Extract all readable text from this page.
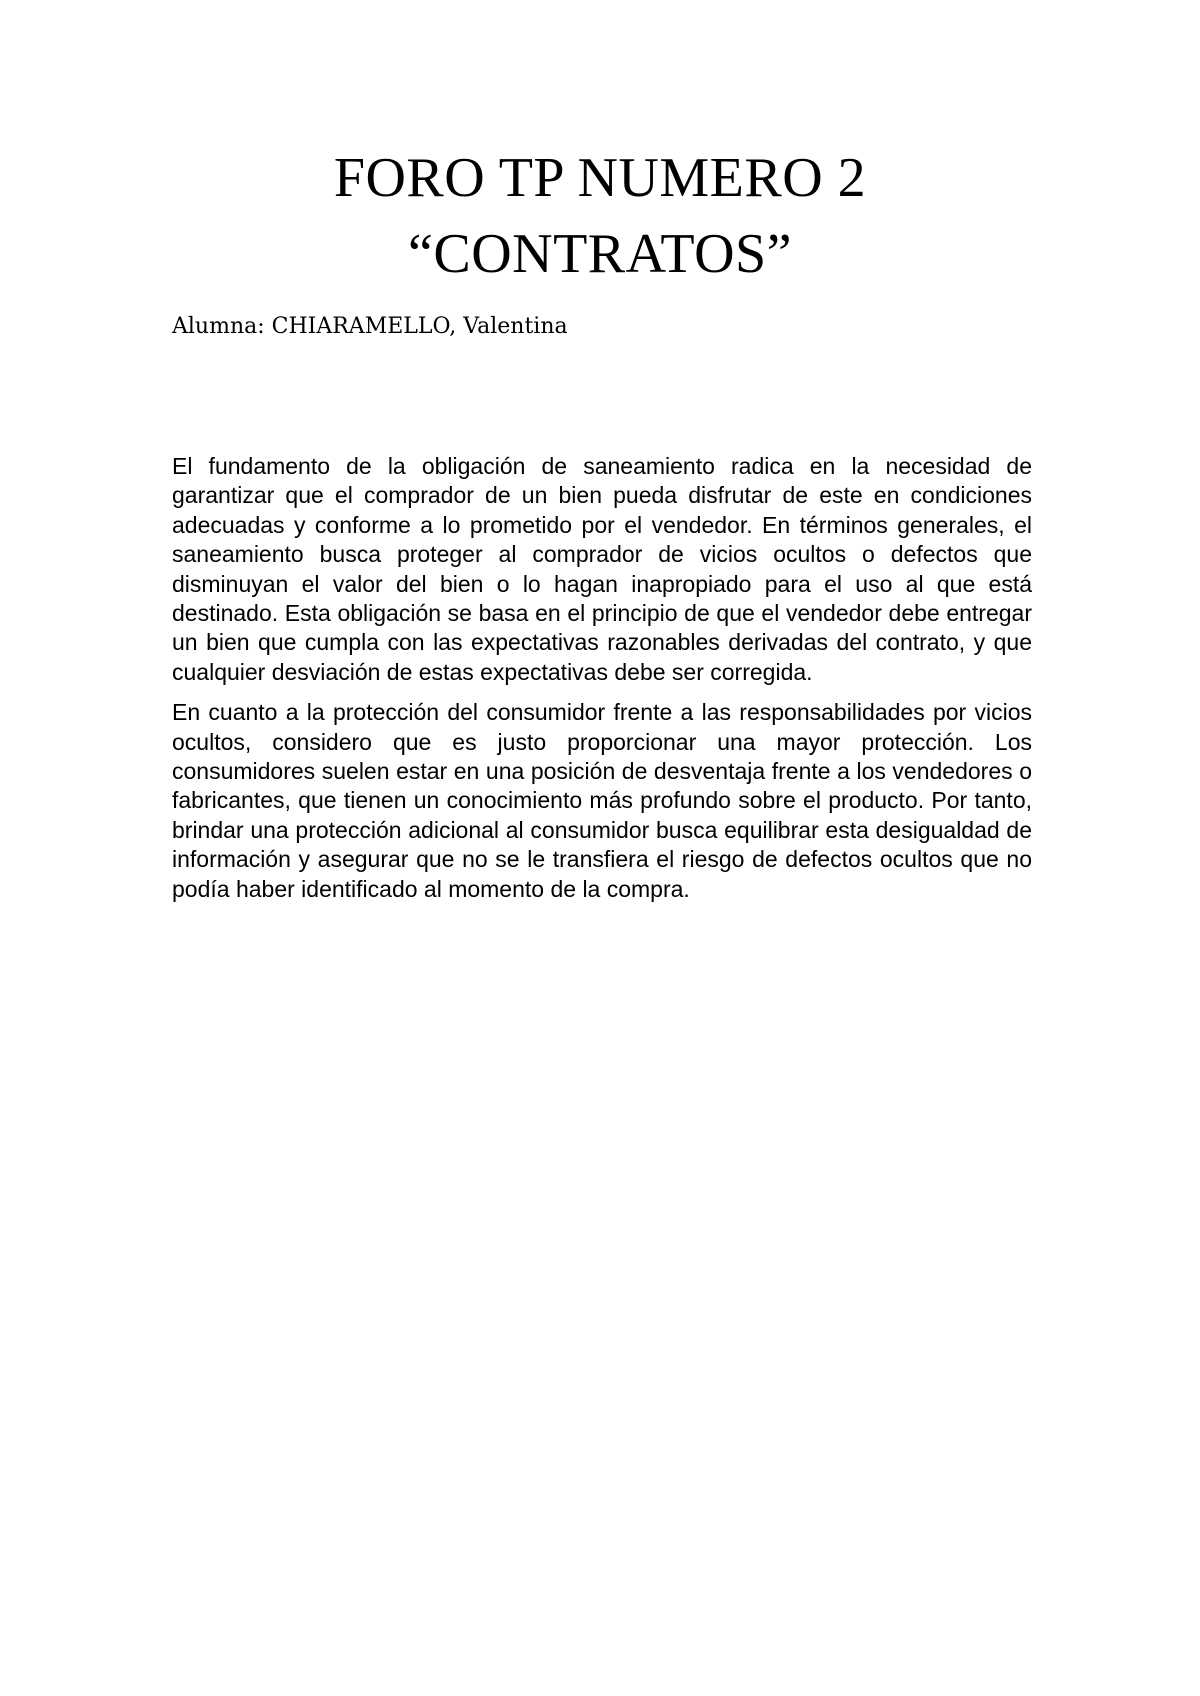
FORO TP NUMERO 2
“CONTRATOS”

Alumna: CHIARAMELLO, Valentina

El fundamento de la obligación de saneamiento radica en la necesidad de garantizar que el comprador de un bien pueda disfrutar de este en condiciones adecuadas y conforme a lo prometido por el vendedor. En términos generales, el saneamiento busca proteger al comprador de vicios ocultos o defectos que disminuyan el valor del bien o lo hagan inapropiado para el uso al que está destinado. Esta obligación se basa en el principio de que el vendedor debe entregar un bien que cumpla con las expectativas razonables derivadas del contrato, y que cualquier desviación de estas expectativas debe ser corregida.

En cuanto a la protección del consumidor frente a las responsabilidades por vicios ocultos, considero que es justo proporcionar una mayor protección. Los consumidores suelen estar en una posición de desventaja frente a los vendedores o fabricantes, que tienen un conocimiento más profundo sobre el producto. Por tanto, brindar una protección adicional al consumidor busca equilibrar esta desigualdad de información y asegurar que no se le transfiera el riesgo de defectos ocultos que no podía haber identificado al momento de la compra.
